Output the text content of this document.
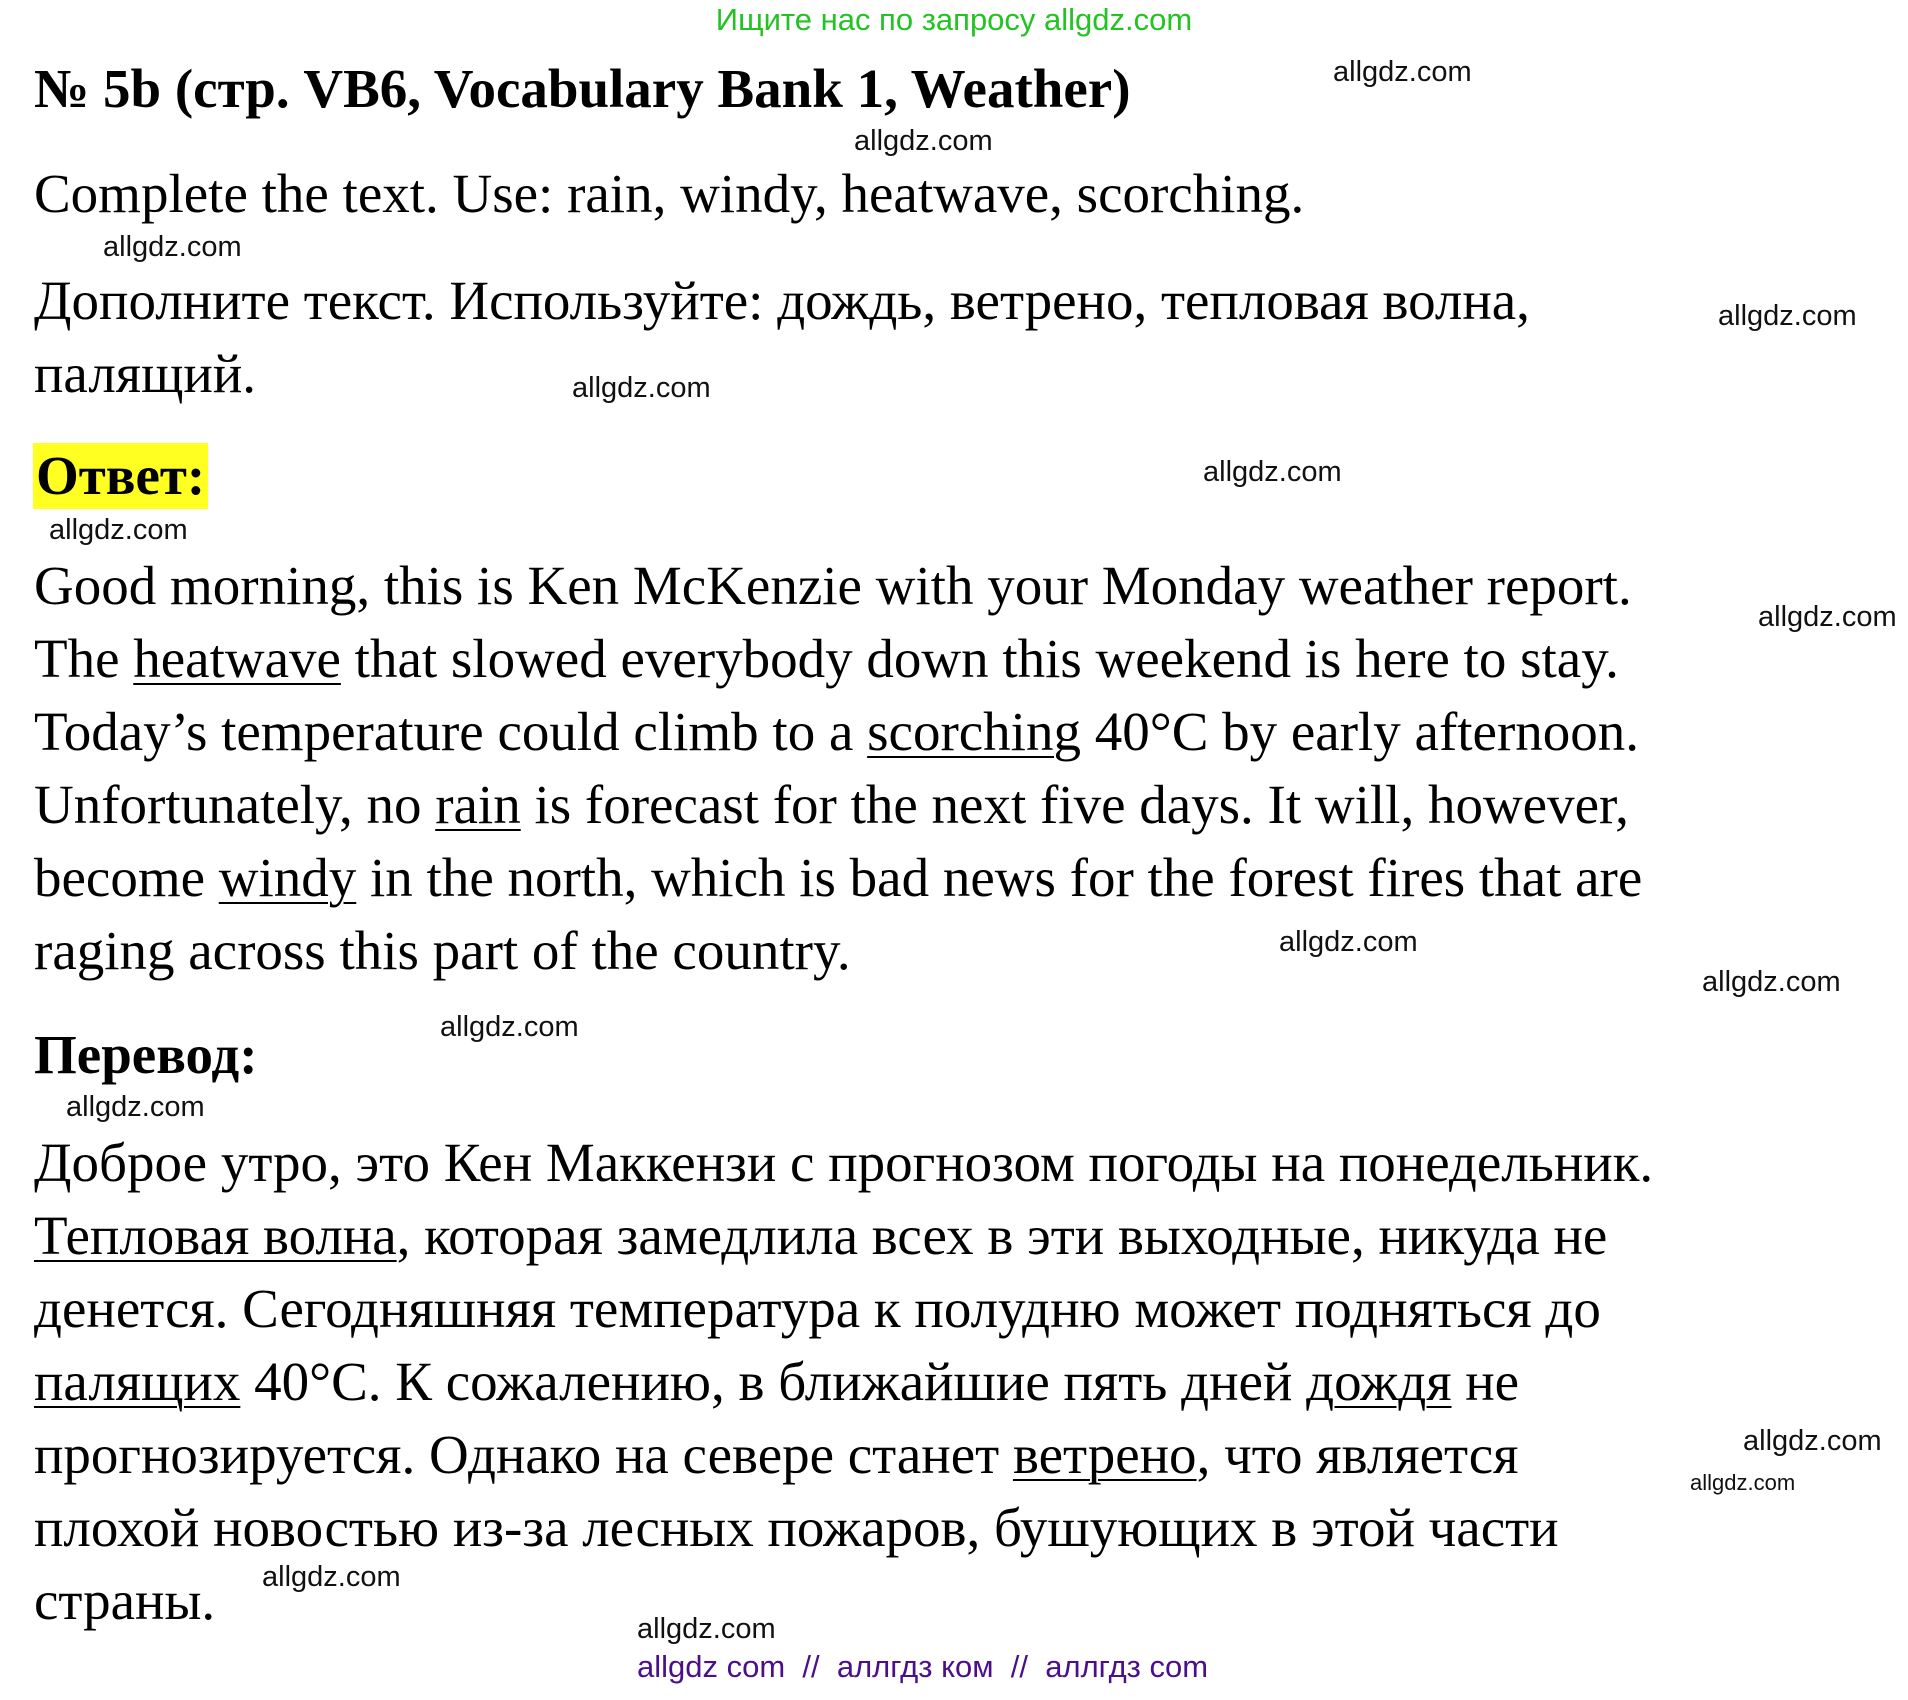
Ищите нас по запросу allgdz.com
№ 5b (стр. VB6, Vocabulary Bank 1, Weather)
Complete the text. Use: rain, windy, heatwave, scorching.
Дополните текст. Используйте: дождь, ветрено, тепловая волна,
палящий.
Ответ:
Good morning, this is Ken McKenzie with your Monday weather report.
The heatwave that slowed everybody down this weekend is here to stay.
Today’s temperature could climb to a scorching 40°C by early afternoon.
Unfortunately, no rain is forecast for the next five days. It will, however,
become windy in the north, which is bad news for the forest fires that are
raging across this part of the country.
Перевод:
Доброе утро, это Кен Маккензи с прогнозом погоды на понедельник.
Тепловая волна, которая замедлила всех в эти выходные, никуда не
денется. Сегодняшняя температура к полудню может подняться до
палящих 40°C. К сожалению, в ближайшие пять дней дождя не
прогнозируется. Однако на севере станет ветрено, что является
плохой новостью из-за лесных пожаров, бушующих в этой части
страны.
allgdz.com
allgdz.com
allgdz.com
allgdz.com
allgdz.com
allgdz.com
allgdz.com
allgdz.com
allgdz.com
allgdz.com
allgdz.com
allgdz.com
allgdz.com
allgdz.com
allgdz.com
allgdz.com
allgdz com  //  аллгдз ком  //  аллгдз com
